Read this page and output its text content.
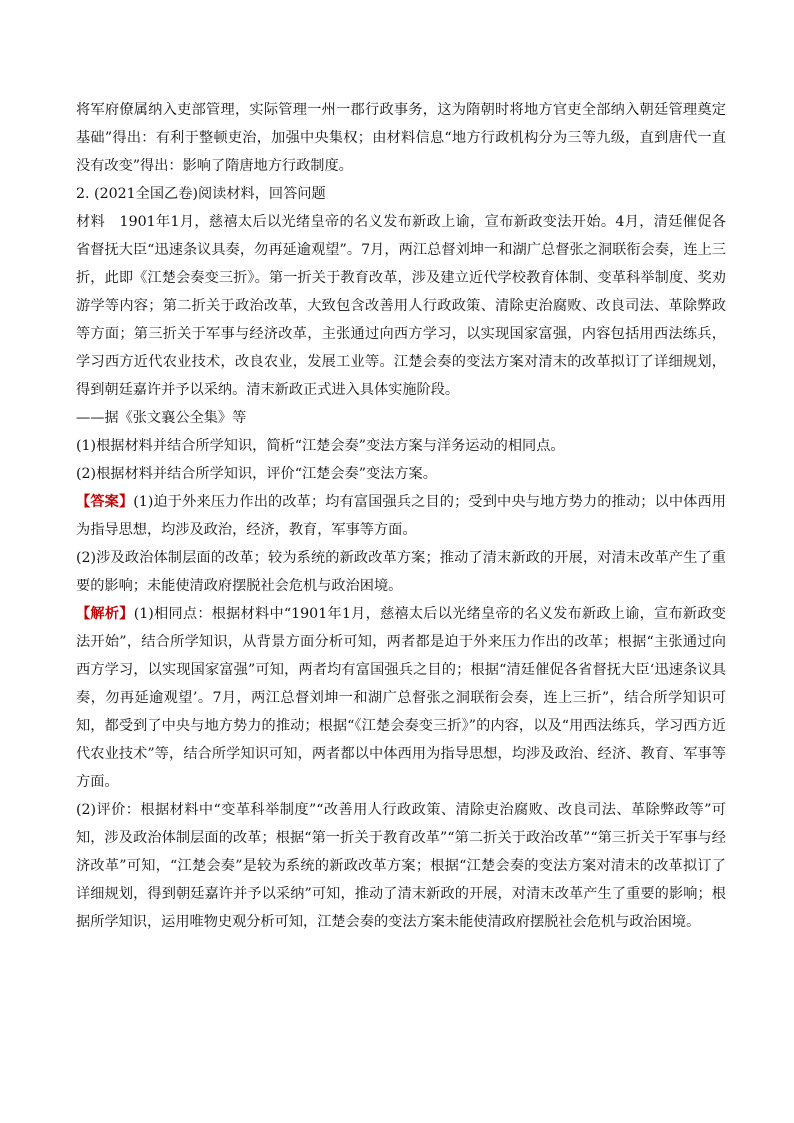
将军府僚属纳入吏部管理，实际管理一州一郡行政事务，这为隋朝时将地方官吏全部纳入朝廷管理奠定基础”得出：有利于整顿吏治，加强中央集权；由材料信息“地方行政机构分为三等九级，直到唐代一直没有改变”得出：影响了隋唐地方行政制度。

2. (2021全国乙卷)阅读材料，回答问题

材料　1901年1月，慈禧太后以光绪皇帝的名义发布新政上谕，宣布新政变法开始。4月，清廷催促各省督抚大臣“迅速条议具奏，勿再延逾观望”。7月，两江总督刘坤一和湖广总督张之洞联衔会奏，连上三折，此即《江楚会奏变三折》。第一折关于教育改革，涉及建立近代学校教育体制、变革科举制度、奖劝游学等内容；第二折关于政治改革，大致包含改善用人行政政策、清除吏治腐败、改良司法、革除弊政等方面；第三折关于军事与经济改革，主张通过向西方学习，以实现国家富强，内容包括用西法练兵，学习西方近代农业技术，改良农业，发展工业等。江楚会奏的变法方案对清末的改革拟订了详细规划，得到朝廷嘉许并予以采纳。清末新政正式进入具体实施阶段。

——据《张文襄公全集》等

(1)根据材料并结合所学知识，简析“江楚会奏”变法方案与洋务运动的相同点。

(2)根据材料并结合所学知识，评价“江楚会奏”变法方案。

【答案】(1)迫于外来压力作出的改革；均有富国强兵之目的；受到中央与地方势力的推动；以中体西用为指导思想，均涉及政治，经济，教育，军事等方面。

(2)涉及政治体制层面的改革；较为系统的新政改革方案；推动了清末新政的开展，对清末改革产生了重要的影响；未能使清政府摆脱社会危机与政治困境。

【解析】(1)相同点：根据材料中“1901年1月，慈禧太后以光绪皇帝的名义发布新政上谕，宣布新政变法开始”，结合所学知识，从背景方面分析可知，两者都是迫于外来压力作出的改革；根据“主张通过向西方学习，以实现国家富强”可知，两者均有富国强兵之目的；根据“清廷催促各省督抚大臣‘迅速条议具奏，勿再延逾观望’。7月，两江总督刘坤一和湖广总督张之洞联衔会奏，连上三折”，结合所学知识可知，都受到了中央与地方势力的推动；根据“《江楚会奏变三折》”的内容，以及“用西法练兵，学习西方近代农业技术”等，结合所学知识可知，两者都以中体西用为指导思想，均涉及政治、经济、教育、军事等方面。

(2)评价：根据材料中“变革科举制度”“改善用人行政政策、清除吏治腐败、改良司法、革除弊政等”可知，涉及政治体制层面的改革；根据“第一折关于教育改革”“第二折关于政治改革”“第三折关于军事与经济改革”可知，“江楚会奏”是较为系统的新政改革方案；根据“江楚会奏的变法方案对清末的改革拟订了详细规划，得到朝廷嘉许并予以采纳”可知，推动了清末新政的开展，对清末改革产生了重要的影响；根据所学知识，运用唯物史观分析可知，江楚会奏的变法方案未能使清政府摆脱社会危机与政治困境。
